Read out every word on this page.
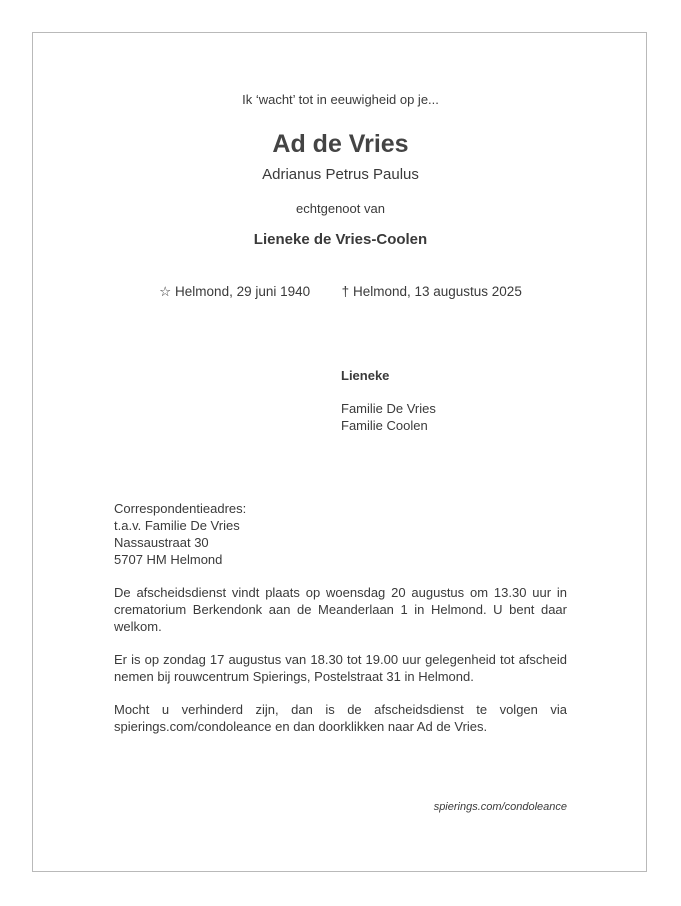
Ik ‘wacht’ tot in eeuwigheid op je...
Ad de Vries
Adrianus Petrus Paulus
echtgenoot van
Lieneke de Vries-Coolen
☆ Helmond, 29 juni 1940 † Helmond, 13 augustus 2025
Lieneke
Familie De Vries
Familie Coolen
Correspondentieadres:
t.a.v. Familie De Vries
Nassaustraat 30
5707 HM Helmond
De afscheidsdienst vindt plaats op woensdag 20 augustus om 13.30 uur in crematorium Berkendonk aan de Meanderlaan 1 in Helmond. U bent daar welkom.
Er is op zondag 17 augustus van 18.30 tot 19.00 uur gelegenheid tot afscheid nemen bij rouwcentrum Spierings, Postelstraat 31 in Helmond.
Mocht u verhinderd zijn, dan is de afscheidsdienst te volgen via spierings.com/condoleance en dan doorklikken naar Ad de Vries.
spierings.com/condoleance
